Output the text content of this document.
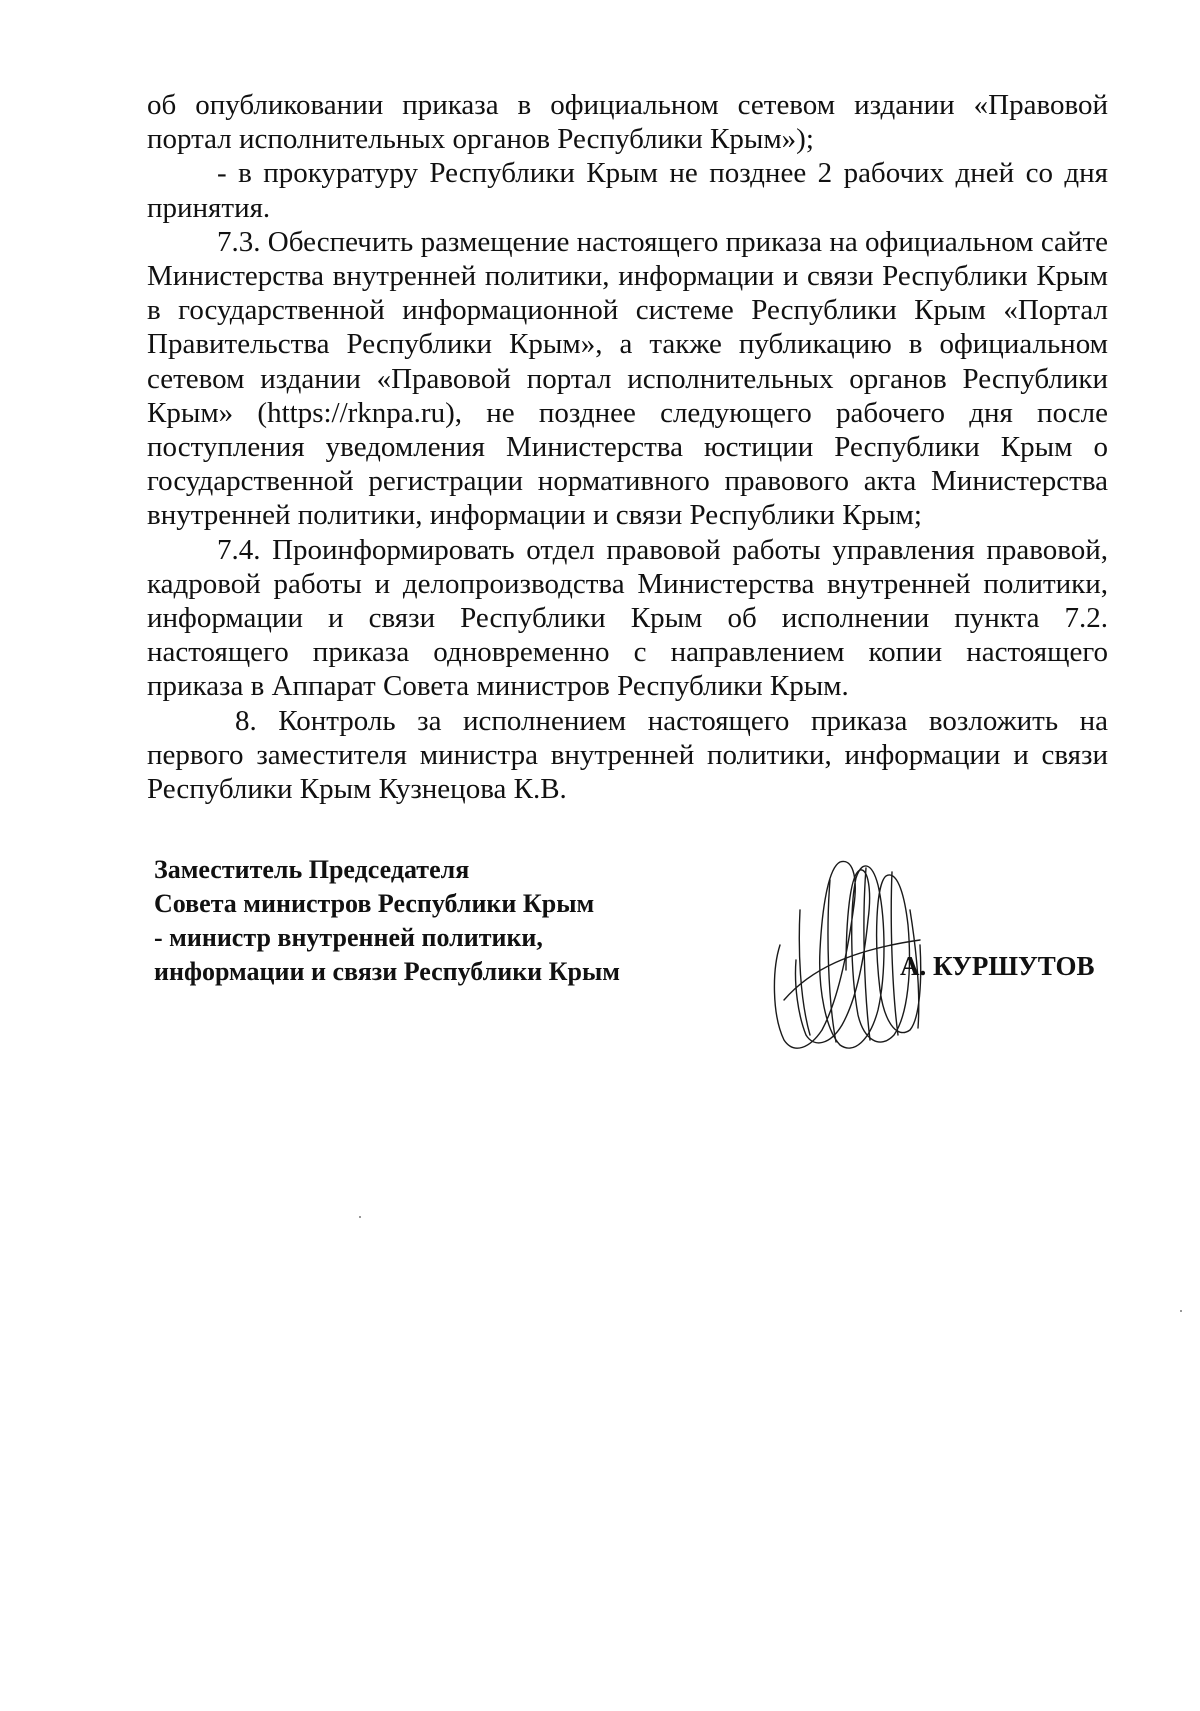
об опубликовании приказа в официальном сетевом издании «Правовой портал исполнительных органов Республики Крым»);

- в прокуратуру Республики Крым не позднее 2 рабочих дней со дня принятия.

7.3. Обеспечить размещение настоящего приказа на официальном сайте Министерства внутренней политики, информации и связи Республики Крым в государственной информационной системе Республики Крым «Портал Правительства Республики Крым», а также публикацию в официальном сетевом издании «Правовой портал исполнительных органов Республики Крым» (https://rknpa.ru), не позднее следующего рабочего дня после поступления уведомления Министерства юстиции Республики Крым о государственной регистрации нормативного правового акта Министерства внутренней политики, информации и связи Республики Крым;

7.4. Проинформировать отдел правовой работы управления правовой, кадровой работы и делопроизводства Министерства внутренней политики, информации и связи Республики Крым об исполнении пункта 7.2. настоящего приказа одновременно с направлением копии настоящего приказа в Аппарат Совета министров Республики Крым.

8. Контроль за исполнением настоящего приказа возложить на первого заместителя министра внутренней политики, информации и связи Республики Крым Кузнецова К.В.

Заместитель Председателя
Совета министров Республики Крым
- министр внутренней политики,
информации и связи Республики Крым	А. КУРШУТОВ
